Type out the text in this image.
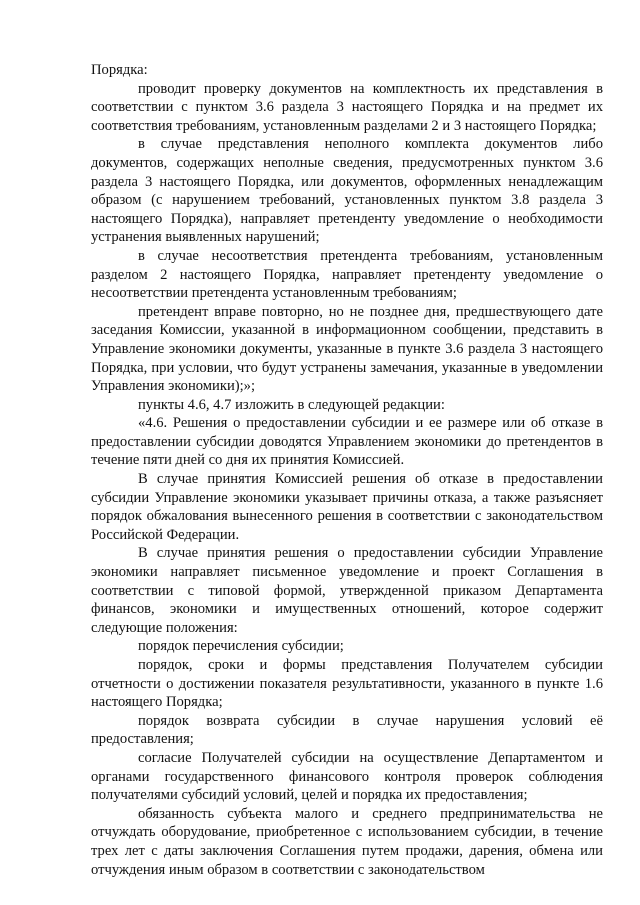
Порядка:

проводит проверку документов на комплектность их представления в соответствии с пунктом 3.6 раздела 3 настоящего Порядка и на предмет их соответствия требованиям, установленным разделами 2 и 3 настоящего Порядка;

в случае представления неполного комплекта документов либо документов, содержащих неполные сведения, предусмотренных пунктом 3.6 раздела 3 настоящего Порядка, или документов, оформленных ненадлежащим образом (с нарушением требований, установленных пунктом 3.8 раздела 3 настоящего Порядка), направляет претенденту уведомление о необходимости устранения выявленных нарушений;

в случае несоответствия претендента требованиям, установленным разделом 2 настоящего Порядка, направляет претенденту уведомление о несоответствии претендента установленным требованиям;

претендент вправе повторно, но не позднее дня, предшествующего дате заседания Комиссии, указанной в информационном сообщении, представить в Управление экономики документы, указанные в пункте 3.6 раздела 3 настоящего Порядка, при условии, что будут устранены замечания, указанные в уведомлении Управления экономики);»;

пункты 4.6, 4.7 изложить в следующей редакции:

«4.6. Решения о предоставлении субсидии и ее размере или об отказе в предоставлении субсидии доводятся Управлением экономики до претендентов в течение пяти дней со дня их принятия Комиссией.

В случае принятия Комиссией решения об отказе в предоставлении субсидии Управление экономики указывает причины отказа, а также разъясняет порядок обжалования вынесенного решения в соответствии с законодательством Российской Федерации.

В случае принятия решения о предоставлении субсидии Управление экономики направляет письменное уведомление и проект Соглашения в соответствии с типовой формой, утвержденной приказом Департамента финансов, экономики и имущественных отношений, которое содержит следующие положения:

порядок перечисления субсидии;

порядок, сроки и формы представления Получателем субсидии отчетности о достижении показателя результативности, указанного в пункте 1.6 настоящего Порядка;

порядок возврата субсидии в случае нарушения условий её предоставления;

согласие Получателей субсидии на осуществление Департаментом и органами государственного финансового контроля проверок соблюдения получателями субсидий условий, целей и порядка их предоставления;

обязанность субъекта малого и среднего предпринимательства не отчуждать оборудование, приобретенное с использованием субсидии, в течение трех лет с даты заключения Соглашения путем продажи, дарения, обмена или отчуждения иным образом в соответствии с законодательством
